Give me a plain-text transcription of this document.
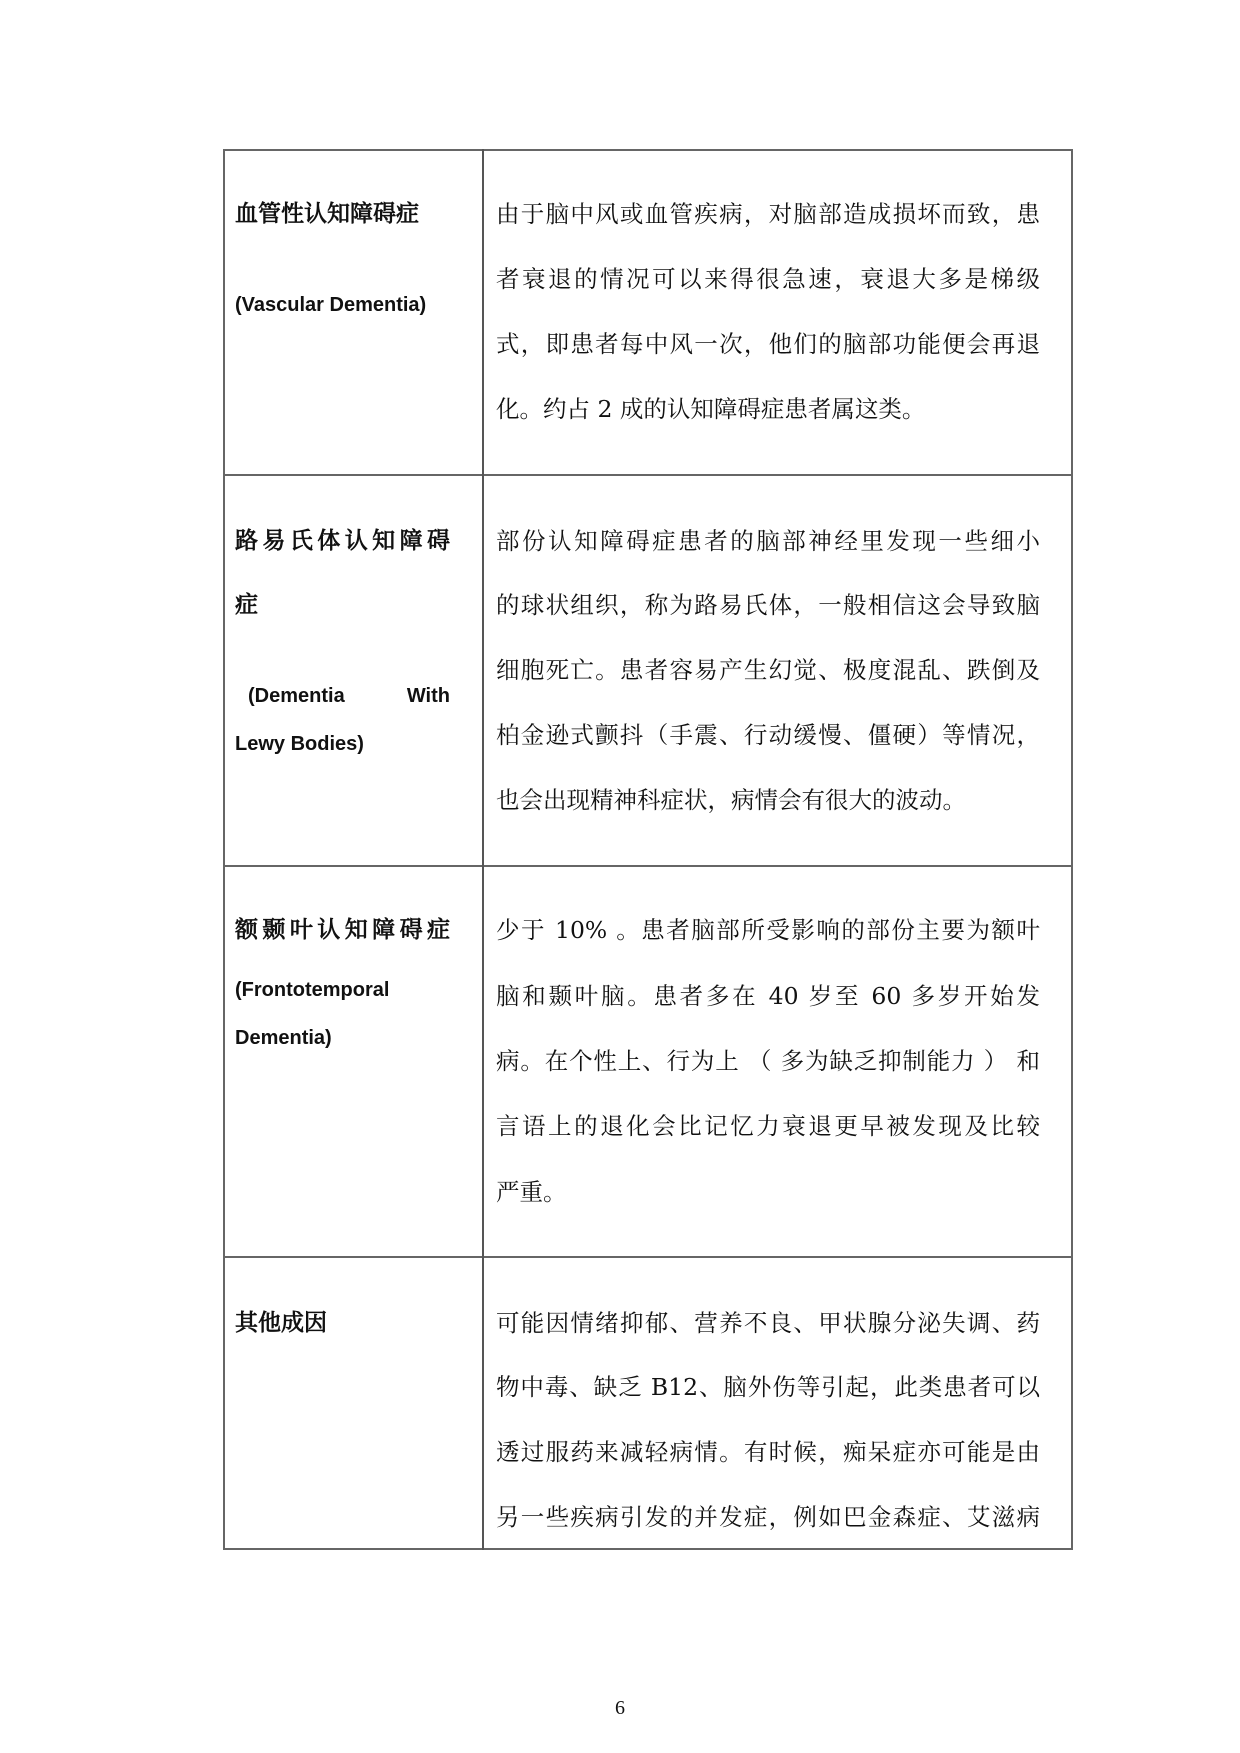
血管性认知障碍症
(Vascular Dementia)
由于脑中风或血管疾病，对脑部造成损坏而致，患
者衰退的情况可以来得很急速，衰退大多是梯级
式，即患者每中风一次，他们的脑部功能便会再退
化。约占 2 成的认知障碍症患者属这类。
路易氏体认知障碍
症
(Dementia With
Lewy Bodies)
部份认知障碍症患者的脑部神经里发现一些细小
的球状组织，称为路易氏体，一般相信这会导致脑
细胞死亡。患者容易产生幻觉、极度混乱、跌倒及
柏金逊式颤抖（手震、行动缓慢、僵硬）等情况，
也会出现精神科症状，病情会有很大的波动。
额颞叶认知障碍症
(Frontotemporal
Dementia)
少于 10% 。患者脑部所受影响的部份主要为额叶
脑和颞叶脑。患者多在 40 岁至 60 多岁开始发
病。在个性上、行为上 （ 多为缺乏抑制能力 ） 和
言语上的退化会比记忆力衰退更早被发现及比较
严重。
其他成因	可能因情绪抑郁、营养不良、甲状腺分泌失调、药
物中毒、缺乏 B12、脑外伤等引起，此类患者可以
透过服药来减轻病情。有时候，痴呆症亦可能是由
另一些疾病引发的并发症，例如巴金森症、艾滋病
6
